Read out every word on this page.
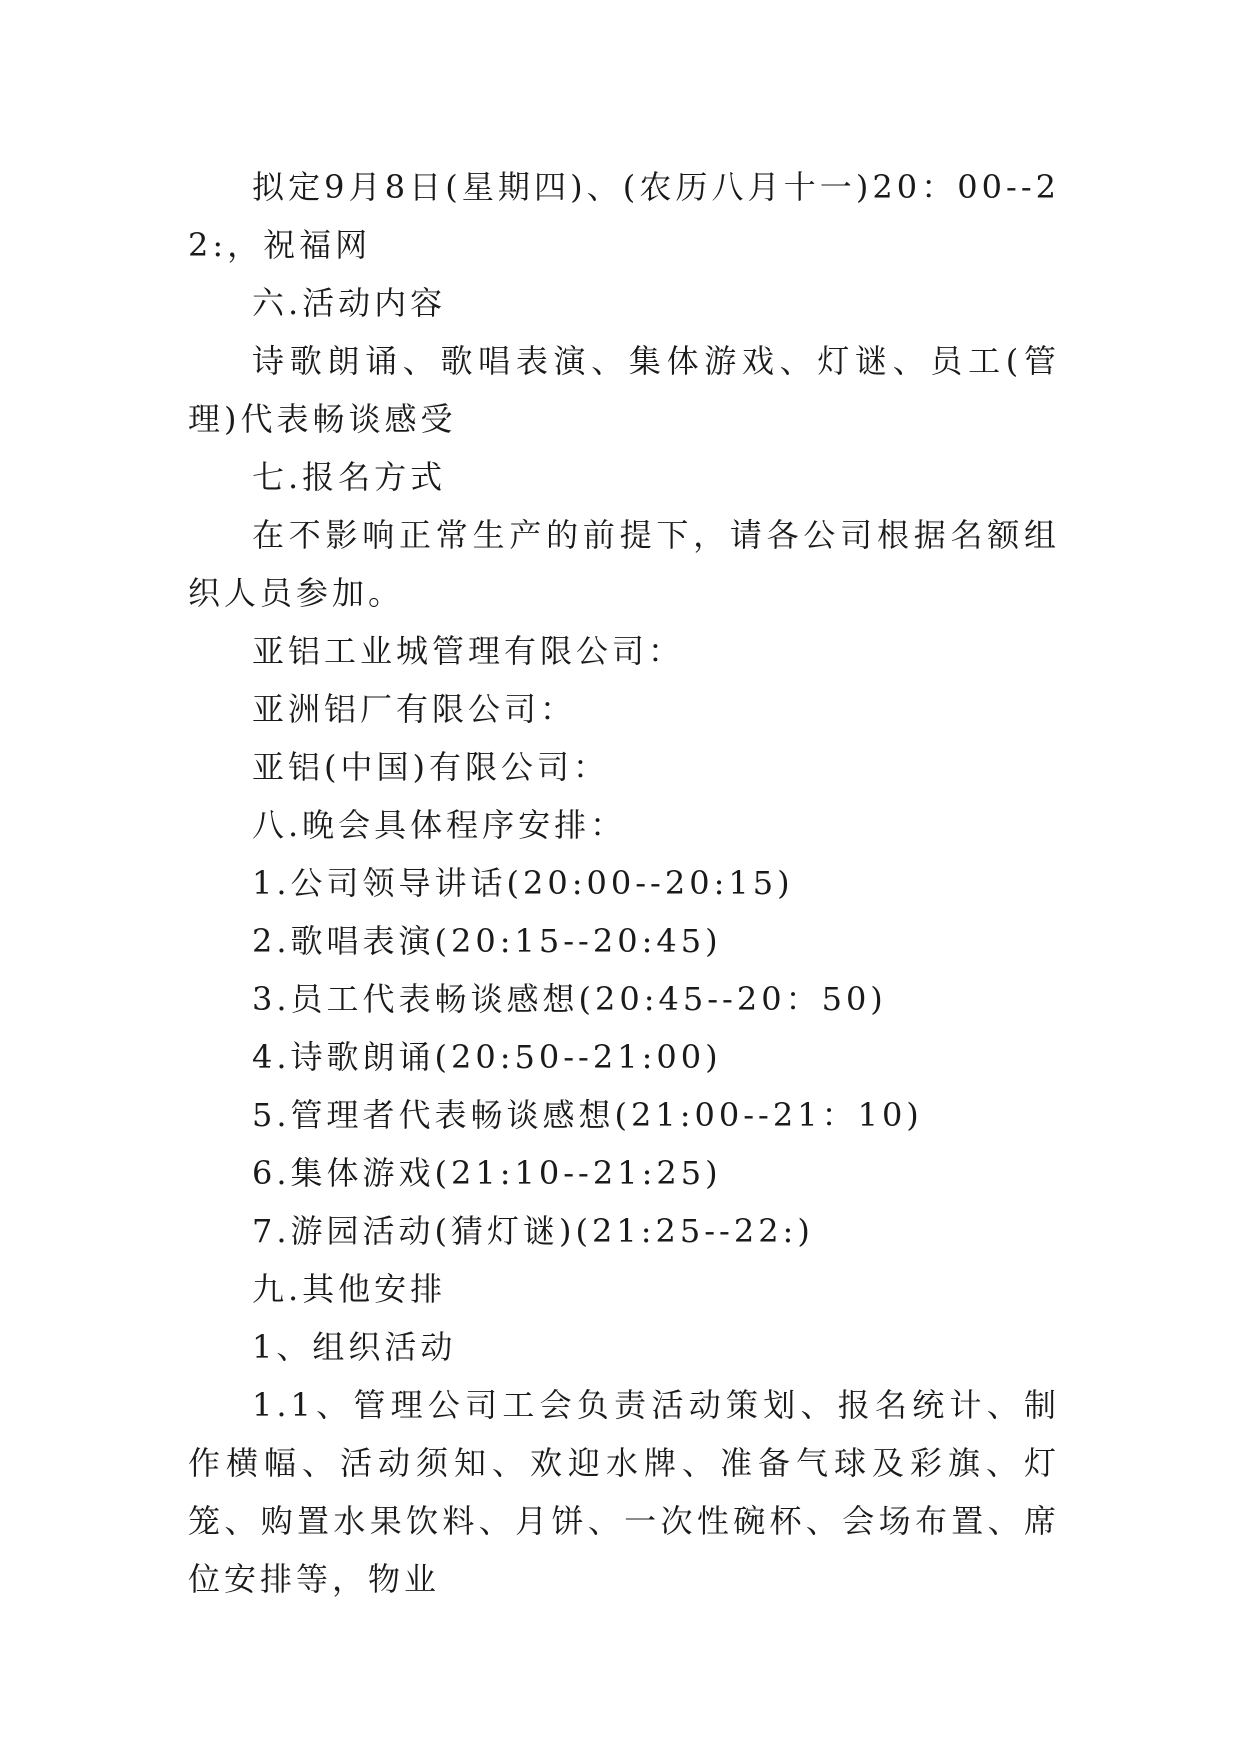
拟定9月8日(星期四)、(农历八月十一)20：00--22:，祝福网

六.活动内容

诗歌朗诵、歌唱表演、集体游戏、灯谜、员工(管理)代表畅谈感受

七.报名方式

在不影响正常生产的前提下，请各公司根据名额组织人员参加。

亚铝工业城管理有限公司：

亚洲铝厂有限公司：

亚铝(中国)有限公司：

八.晚会具体程序安排：

1.公司领导讲话(20:00--20:15)

2.歌唱表演(20:15--20:45)

3.员工代表畅谈感想(20:45--20：50)

4.诗歌朗诵(20:50--21:00)

5.管理者代表畅谈感想(21:00--21：10)

6.集体游戏(21:10--21:25)

7.游园活动(猜灯谜)(21:25--22:)

九.其他安排

1、组织活动

1.1、管理公司工会负责活动策划、报名统计、制作横幅、活动须知、欢迎水牌、准备气球及彩旗、灯笼、购置水果饮料、月饼、一次性碗杯、会场布置、席位安排等，物业
